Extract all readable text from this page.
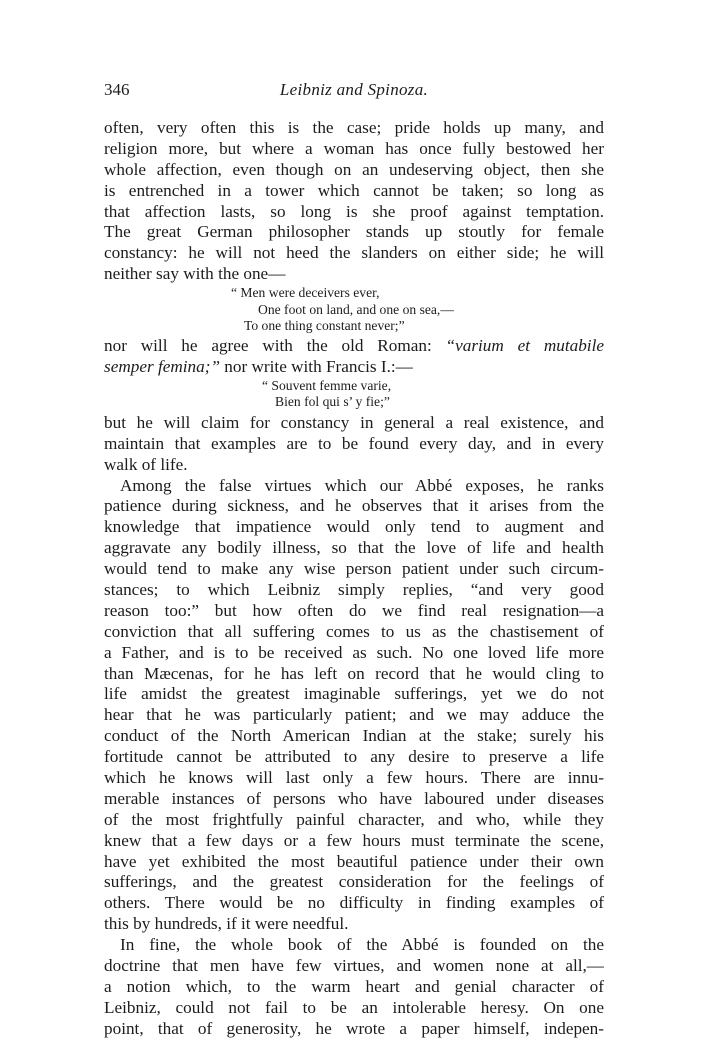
346	Leibniz and Spinoza.
often, very often this is the case; pride holds up many, and
religion more, but where a woman has once fully bestowed her
whole affection, even though on an undeserving object, then she
is entrenched in a tower which cannot be taken; so long as
that affection lasts, so long is she proof against temptation.
The great German philosopher stands up stoutly for female
constancy: he will not heed the slanders on either side; he will
neither say with the one—
“ Men were deceivers ever,
One foot on land, and one on sea,—
To one thing constant never;”
nor will he agree with the old Roman: “varium et mutabile
semper femina;” nor write with Francis I.:—
“ Souvent femme varie,
Bien fol qui s’ y fie;”
but he will claim for constancy in general a real existence, and
maintain that examples are to be found every day, and in every
walk of life.
Among the false virtues which our Abbé exposes, he ranks
patience during sickness, and he observes that it arises from the
knowledge that impatience would only tend to augment and
aggravate any bodily illness, so that the love of life and health
would tend to make any wise person patient under such circum-
stances; to which Leibniz simply replies, “and very good
reason too:” but how often do we find real resignation—a
conviction that all suffering comes to us as the chastisement of
a Father, and is to be received as such. No one loved life more
than Mæcenas, for he has left on record that he would cling to
life amidst the greatest imaginable sufferings, yet we do not
hear that he was particularly patient; and we may adduce the
conduct of the North American Indian at the stake; surely his
fortitude cannot be attributed to any desire to preserve a life
which he knows will last only a few hours. There are innu-
merable instances of persons who have laboured under diseases
of the most frightfully painful character, and who, while they
knew that a few days or a few hours must terminate the scene,
have yet exhibited the most beautiful patience under their own
sufferings, and the greatest consideration for the feelings of
others. There would be no difficulty in finding examples of
this by hundreds, if it were needful.
In fine, the whole book of the Abbé is founded on the
doctrine that men have few virtues, and women none at all,—
a notion which, to the warm heart and genial character of
Leibniz, could not fail to be an intolerable heresy. On one
point, that of generosity, he wrote a paper himself, indepen-
